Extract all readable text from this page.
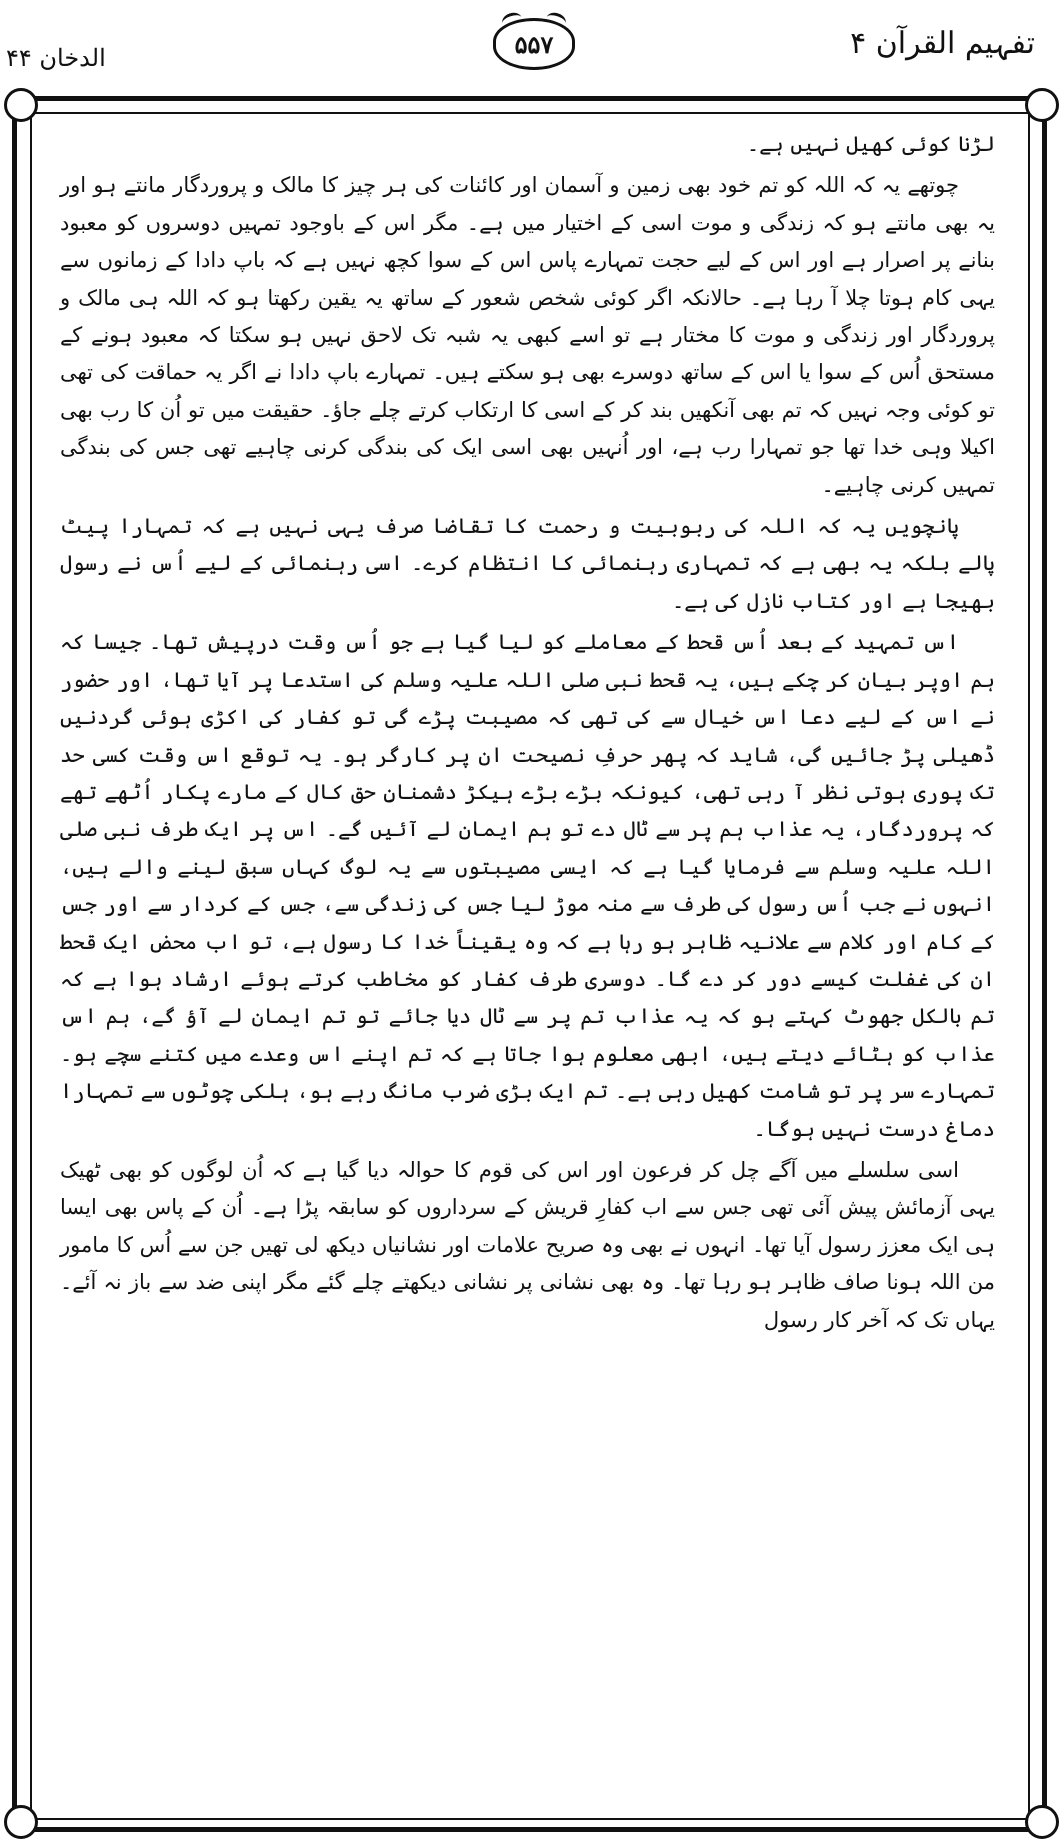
تفہیم القرآن ۴
۵۵۷
الدخان ۴۴

لڑنا کوئی کھیل نہیں ہے۔

چوتھے یہ کہ اللہ کو تم خود بھی زمین و آسمان اور کائنات کی ہر چیز کا مالک و پروردگار مانتے ہو اور یہ بھی مانتے ہو کہ زندگی و موت اسی کے اختیار میں ہے۔ مگر اس کے باوجود تمہیں دوسروں کو معبود بنانے پر اصرار ہے اور اس کے لیے حجت تمہارے پاس اس کے سوا کچھ نہیں ہے کہ باپ دادا کے زمانوں سے یہی کام ہوتا چلا آ رہا ہے۔ حالانکہ اگر کوئی شخص شعور کے ساتھ یہ یقین رکھتا ہو کہ اللہ ہی مالک و پروردگار اور زندگی و موت کا مختار ہے تو اسے کبھی یہ شبہ تک لاحق نہیں ہو سکتا کہ معبود ہونے کے مستحق اُس کے سوا یا اس کے ساتھ دوسرے بھی ہو سکتے ہیں۔ تمہارے باپ دادا نے اگر یہ حماقت کی تھی تو کوئی وجہ نہیں کہ تم بھی آنکھیں بند کر کے اسی کا ارتکاب کرتے چلے جاؤ۔ حقیقت میں تو اُن کا رب بھی اکیلا وہی خدا تھا جو تمہارا رب ہے، اور اُنہیں بھی اسی ایک کی بندگی کرنی چاہیے تھی جس کی بندگی تمہیں کرنی چاہیے۔

پانچویں یہ کہ اللہ کی ربوبیت و رحمت کا تقاضا صرف یہی نہیں ہے کہ تمہارا پیٹ پالے بلکہ یہ بھی ہے کہ تمہاری رہنمائی کا انتظام کرے۔ اسی رہنمائی کے لیے اُس نے رسول بھیجا ہے اور کتاب نازل کی ہے۔

اس تمہید کے بعد اُس قحط کے معاملے کو لیا گیا ہے جو اُس وقت درپیش تھا۔ جیسا کہ ہم اوپر بیان کر چکے ہیں، یہ قحط نبی صلی اللہ علیہ وسلم کی استدعا پر آیا تھا، اور حضور نے اس کے لیے دعا اس خیال سے کی تھی کہ مصیبت پڑے گی تو کفار کی اکڑی ہوئی گردنیں ڈھیلی پڑ جائیں گی، شاید کہ پھر حرفِ نصیحت ان پر کارگر ہو۔ یہ توقع اس وقت کسی حد تک پوری ہوتی نظر آ رہی تھی، کیونکہ بڑے بڑے ہیکڑ دشمنانِ حق کال کے مارے پکار اُٹھے تھے کہ پروردگار، یہ عذاب ہم پر سے ٹال دے تو ہم ایمان لے آئیں گے۔ اس پر ایک طرف نبی صلی اللہ علیہ وسلم سے فرمایا گیا ہے کہ ایسی مصیبتوں سے یہ لوگ کہاں سبق لینے والے ہیں، انہوں نے جب اُس رسول کی طرف سے منہ موڑ لیا جس کی زندگی سے، جس کے کردار سے اور جس کے کام اور کلام سے علانیہ ظاہر ہو رہا ہے کہ وہ یقیناً خدا کا رسول ہے، تو اب محض ایک قحط ان کی غفلت کیسے دور کر دے گا۔ دوسری طرف کفار کو مخاطب کرتے ہوئے ارشاد ہوا ہے کہ تم بالکل جھوٹ کہتے ہو کہ یہ عذاب تم پر سے ٹال دیا جائے تو تم ایمان لے آؤ گے، ہم اس عذاب کو ہٹائے دیتے ہیں، ابھی معلوم ہوا جاتا ہے کہ تم اپنے اس وعدے میں کتنے سچے ہو۔ تمہارے سر پر تو شامت کھیل رہی ہے۔ تم ایک بڑی ضرب مانگ رہے ہو، ہلکی چوٹوں سے تمہارا دماغ درست نہیں ہوگا۔

اسی سلسلے میں آگے چل کر فرعون اور اس کی قوم کا حوالہ دیا گیا ہے کہ اُن لوگوں کو بھی ٹھیک یہی آزمائش پیش آئی تھی جس سے اب کفارِ قریش کے سرداروں کو سابقہ پڑا ہے۔ اُن کے پاس بھی ایسا ہی ایک معزز رسول آیا تھا۔ انہوں نے بھی وہ صریح علامات اور نشانیاں دیکھ لی تھیں جن سے اُس کا مامور من اللہ ہونا صاف ظاہر ہو رہا تھا۔ وہ بھی نشانی پر نشانی دیکھتے چلے گئے مگر اپنی ضد سے باز نہ آئے۔ یہاں تک کہ آخر کار رسول
